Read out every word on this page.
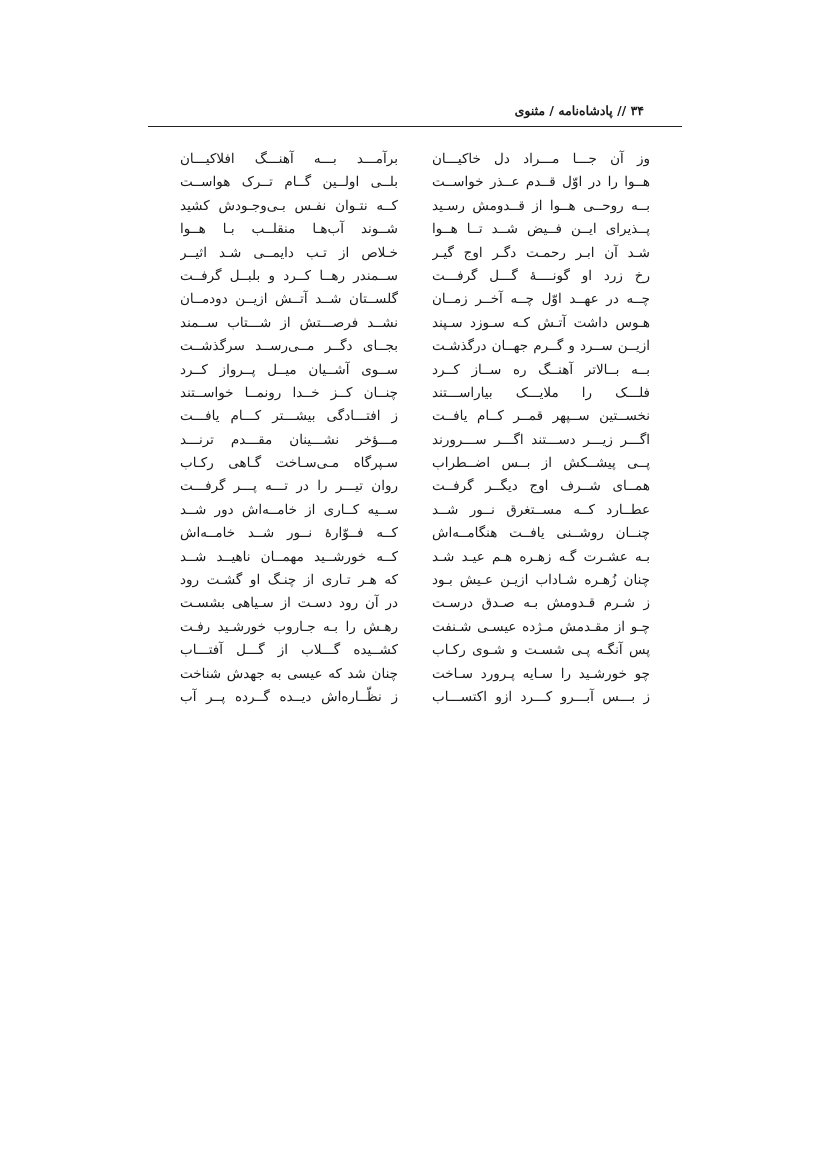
۳۴ // پادشاه‌نامه / مثنوی
وز آن جـــا مـــراد دل خاکیـــان
برآمـــد بـــه آهنـــگ افلاکیـــان
هــوا را در اوّل قــدم عــذر خواســت
بلــی اولــین گــام تــرک هواســت
بــه روحــی هــوا از قــدومش رسـید
کــه نتـوان نفـس بـی‌وجـودش کشید
پــذیرای ایــن فــیض شــد تــا هــوا
شــوند آب‌هـا منقلــب بـا هــوا
شـد آن ابـر رحمـت دگـر اوج گیـر
خـلاص از تـب دایمــی شـد اثیــر
رخ زرد او گونــــهٔ گـــل گرفـــت
ســمندر رهــا کــرد و بلبــل گرفــت
چــه در عهــد اوّل چــه آخــر زمــان
گلســتان شــد آتــش ازیــن دودمــان
هـوس داشت آتـش کـه سـوزد سـپند
نشــد فرصـــتش از شـــتاب ســمند
ازیــن ســرد و گــرم جهــان درگذشـت
بجــای دگــر مــی‌رســد سرگذشــت
بــه بــالاتر آهنــگ ره ســاز کــرد
ســوی آشــیان میــل پــرواز کــرد
فلـــک را ملایـــک بیاراســـتند
چنــان کــز خــدا رونمــا خواســتند
نخســتین ســپهر قمــر کــام یافــت
ز افتـــادگی بیشـــتر کـــام یافـــت
اگـــر زیـــر دســـتند اگـــر ســـرورند
مـــؤخر نشـــینان مقـــدم ترنـــد
پــی پیشــکش از بــس اضــطراب
سـپرگاه مـی‌سـاخت گـاهی رکـاب
همــای شــرف اوج دیگــر گرفــت
روان تیـــر را در تـــه پـــر گرفـــت
عطــارد کــه مســتغرق نــور شــد
ســیه کــاری از خامــه‌اش دور شــد
چنــان روشــنی یافــت هنگامــه‌اش
کــه فــوّارهٔ نــور شــد خامــه‌اش
بـه عشـرت گـه زهـره هـم عیـد شـد
کــه خورشــید مهمــان ناهیــد شــد
چنان زُهـره شـاداب ازیـن عـیش بـود
که هـر تـاری از چنـگ او گشـت رود
ز شـرم قـدومش بـه صـدق درسـت
در آن رود دسـت از سـیاهی بشسـت
چـو از مقـدمش مـژده عیسـی شـنفت
رهـش را بـه جـاروب خورشـید رفـت
پس آنگـه پـی شسـت و شـوی رکـاب
کشــیده گـــلاب از گـــل آفتـــاب
چو خورشـید را سـایه پـرورد سـاخت
چنان شد که عیسی به جهدش شناخت
ز بـــس آبـــرو کـــرد ازو اکتســـاب
ز نظّــاره‌اش دیــده گــرده پــر آب
